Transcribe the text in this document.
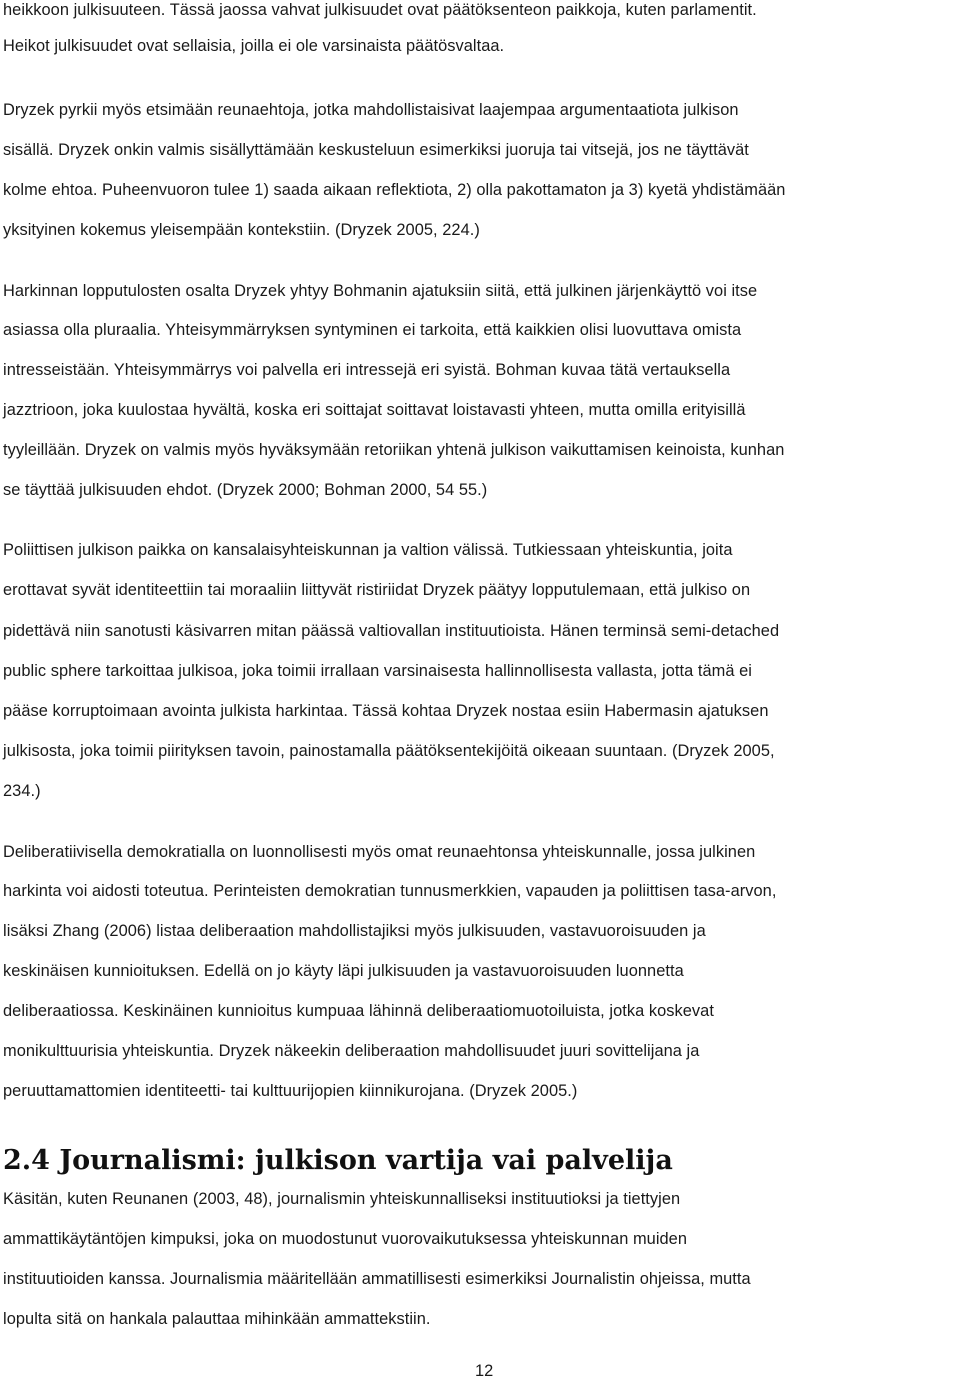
heikkoon julkisuuteen. Tässä jaossa vahvat julkisuudet ovat päätöksenteon paikkoja, kuten parlamentit.
Heikot julkisuudet ovat sellaisia, joilla ei ole varsinaista päätösvaltaa.
Dryzek pyrkii myös etsimään reunaehtoja, jotka mahdollistaisivat laajempaa argumentaatiota julkison
sisällä. Dryzek onkin valmis sisällyttämään keskusteluun esimerkiksi juoruja tai vitsejä, jos ne täyttävät
kolme ehtoa. Puheenvuoron tulee 1) saada aikaan reflektiota, 2) olla pakottamaton ja 3) kyetä yhdistämään
yksityinen kokemus yleisempään kontekstiin. (Dryzek 2005, 224.)
Harkinnan lopputulosten osalta Dryzek yhtyy Bohmanin ajatuksiin siitä, että julkinen järjenkäyttö voi itse
asiassa olla pluraalia. Yhteisymmärryksen syntyminen ei tarkoita, että kaikkien olisi luovuttava omista
intresseistään. Yhteisymmärrys voi palvella eri intressejä eri syistä. Bohman kuvaa tätä vertauksella
jazztrioon, joka kuulostaa hyvältä, koska eri soittajat soittavat loistavasti yhteen, mutta omilla erityisillä
tyyleillään. Dryzek on valmis myös hyväksymään retoriikan yhtenä julkison vaikuttamisen keinoista, kunhan
se täyttää julkisuuden ehdot. (Dryzek 2000; Bohman 2000, 54 55.)
Poliittisen julkison paikka on kansalaisyhteiskunnan ja valtion välissä. Tutkiessaan yhteiskuntia, joita
erottavat syvät identiteettiin tai moraaliin liittyvät ristiriidat Dryzek päätyy lopputulemaan, että julkiso on
pidettävä niin sanotusti käsivarren mitan päässä valtiovallan instituutioista. Hänen terminsä semi-detached
public sphere tarkoittaa julkisoa, joka toimii irrallaan varsinaisesta hallinnollisesta vallasta, jotta tämä ei
pääse korruptoimaan avointa julkista harkintaa. Tässä kohtaa Dryzek nostaa esiin Habermasin ajatuksen
julkisosta, joka toimii piirityksen tavoin, painostamalla päätöksentekijöitä oikeaan suuntaan. (Dryzek 2005,
234.)
Deliberatiivisella demokratialla on luonnollisesti myös omat reunaehtonsa yhteiskunnalle, jossa julkinen
harkinta voi aidosti toteutua. Perinteisten demokratian tunnusmerkkien, vapauden ja poliittisen tasa-arvon,
lisäksi Zhang (2006) listaa deliberaation mahdollistajiksi myös julkisuuden, vastavuoroisuuden ja
keskinäisen kunnioituksen. Edellä on jo käyty läpi julkisuuden ja vastavuoroisuuden luonnetta
deliberaatiossa. Keskinäinen kunnioitus kumpuaa lähinnä deliberaatiomuotoiluista, jotka koskevat
monikulttuurisia yhteiskuntia. Dryzek näkeekin deliberaation mahdollisuudet juuri sovittelijana ja
peruuttamattomien identiteetti- tai kulttuurijopien kiinnikurojana. (Dryzek 2005.)
2.4 Journalismi: julkison vartija vai palvelija
Käsitän, kuten Reunanen (2003, 48), journalismin yhteiskunnalliseksi instituutioksi ja tiettyjen
ammattikäytäntöjen kimpuksi, joka on muodostunut vuorovaikutuksessa yhteiskunnan muiden
instituutioiden kanssa. Journalismia määritellään ammatillisesti esimerkiksi Journalistin ohjeissa, mutta
lopulta sitä on hankala palauttaa mihinkään ammattekstiin.
12
